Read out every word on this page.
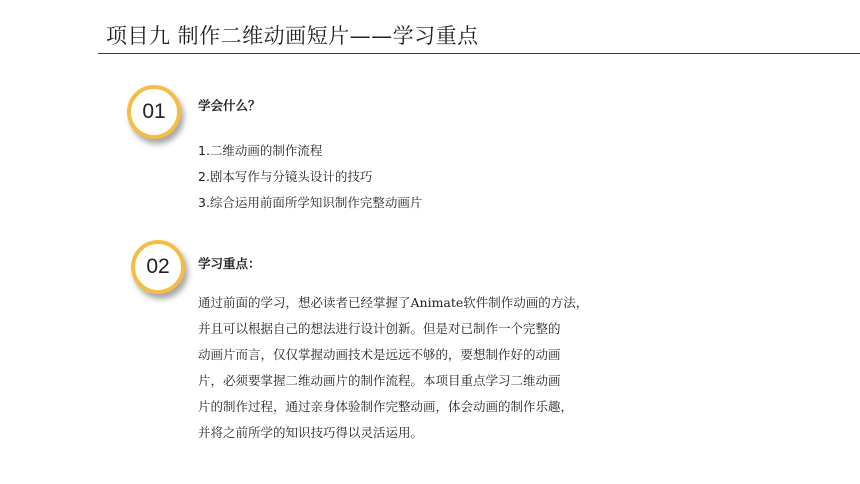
项目九 制作二维动画短片——学习重点
01	学会什么？
1.二维动画的制作流程
2.剧本写作与分镜头设计的技巧
3.综合运用前面所学知识制作完整动画片
02 学习重点：
通过前面的学习，想必读者已经掌握了Animate软件制作动画的方法，
并且可以根据自己的想法进行设计创新。但是对已制作一个完整的
动画片而言，仅仅掌握动画技术是远远不够的，要想制作好的动画
片，必须要掌握二维动画片的制作流程。本项目重点学习二维动画
片的制作过程，通过亲身体验制作完整动画，体会动画的制作乐趣，
并将之前所学的知识技巧得以灵活运用。
